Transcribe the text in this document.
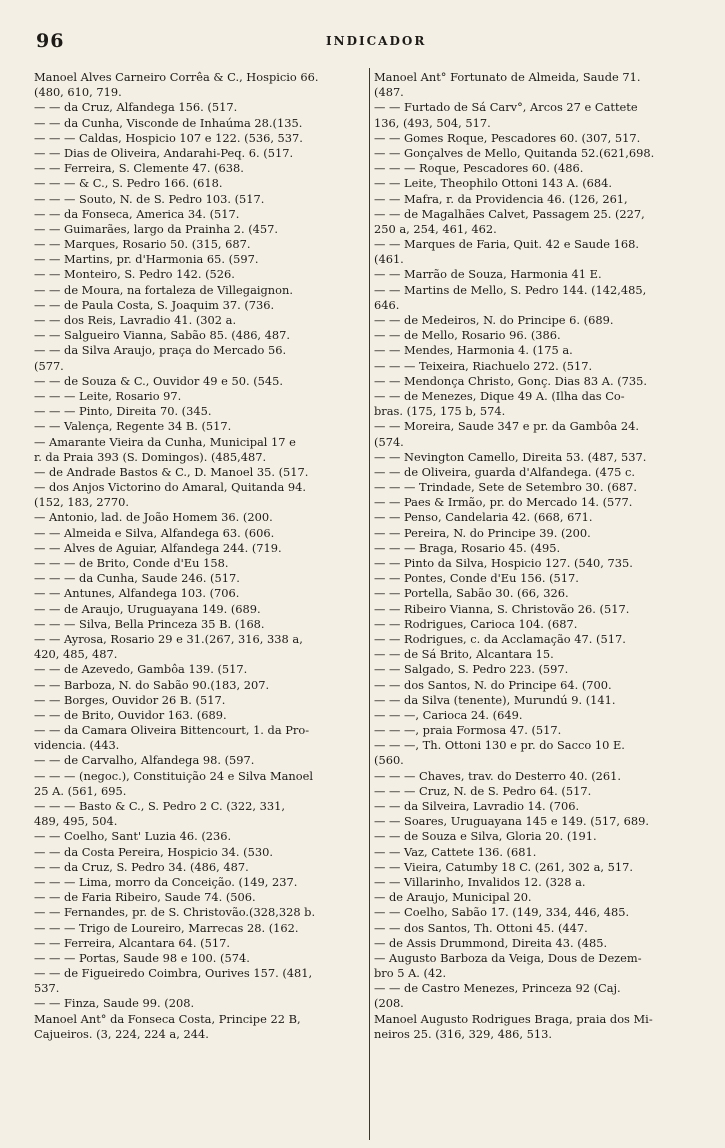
96	INDICADOR
Manoel Alves Carneiro Corrêa & C., Hospicio 66.
(480, 610, 719.
— — da Cruz, Alfandega 156. (517.
— — da Cunha, Visconde de Inhaúma 28.(135.
— — — Caldas, Hospicio 107 e 122. (536, 537.
— — Dias de Oliveira, Andarahi-Peq. 6. (517.
— — Ferreira, S. Clemente 47. (638.
— — — & C., S. Pedro 166. (618.
— — — Souto, N. de S. Pedro 103. (517.
— — da Fonseca, America 34. (517.
— — Guimarães, largo da Prainha 2. (457.
— — Marques, Rosario 50. (315, 687.
— — Martins, pr. d'Harmonia 65. (597.
— — Monteiro, S. Pedro 142. (526.
— — de Moura, na fortaleza de Villegaignon.
— — de Paula Costa, S. Joaquim 37. (736.
— — dos Reis, Lavradio 41. (302 a.
— — Salgueiro Vianna, Sabão 85. (486, 487.
— — da Silva Araujo, praça do Mercado 56.
(577.
— — de Souza & C., Ouvidor 49 e 50. (545.
— — — Leite, Rosario 97.
— — — Pinto, Direita 70. (345.
— — Valença, Regente 34 B. (517.
— Amarante Vieira da Cunha, Municipal 17 e
r. da Praia 393 (S. Domingos). (485,487.
— de Andrade Bastos & C., D. Manoel 35. (517.
— dos Anjos Victorino do Amaral, Quitanda 94.
(152, 183, 2770.
— Antonio, lad. de João Homem 36. (200.
— — Almeida e Silva, Alfandega 63. (606.
— — Alves de Aguiar, Alfandega 244. (719.
— — — de Brito, Conde d'Eu 158.
— — — da Cunha, Saude 246. (517.
— — Antunes, Alfandega 103. (706.
— — de Araujo, Uruguayana 149. (689.
— — — Silva, Bella Princeza 35 B. (168.
— — Ayrosa, Rosario 29 e 31.(267, 316, 338 a,
420, 485, 487.
— — de Azevedo, Gambôa 139. (517.
— — Barboza, N. do Sabão 90.(183, 207.
— — Borges, Ouvidor 26 B. (517.
— — de Brito, Ouvidor 163. (689.
— — da Camara Oliveira Bittencourt, 1. da Pro-
videncia. (443.
— — de Carvalho, Alfandega 98. (597.
— — — (negoc.), Constituição 24 e Silva Manoel
25 A. (561, 695.
— — — Basto & C., S. Pedro 2 C. (322, 331,
489, 495, 504.
— — Coelho, Sant' Luzia 46. (236.
— — da Costa Pereira, Hospicio 34. (530.
— — da Cruz, S. Pedro 34. (486, 487.
— — — Lima, morro da Conceição. (149, 237.
— — de Faria Ribeiro, Saude 74. (506.
— — Fernandes, pr. de S. Christovão.(328,328 b.
— — — Trigo de Loureiro, Marrecas 28. (162.
— — Ferreira, Alcantara 64. (517.
— — — Portas, Saude 98 e 100. (574.
— — de Figueiredo Coimbra, Ourives 157. (481,
537.
— — Finza, Saude 99. (208.
Manoel Ant° da Fonseca Costa, Principe 22 B,
Cajueiros. (3, 224, 224 a, 244.
Manoel Ant° Fortunato de Almeida, Saude 71.
(487.
— — Furtado de Sá Carv°, Arcos 27 e Cattete
136, (493, 504, 517.
— — Gomes Roque, Pescadores 60. (307, 517.
— — Gonçalves de Mello, Quitanda 52.(621,698.
— — — Roque, Pescadores 60. (486.
— — Leite, Theophilo Ottoni 143 A. (684.
— — Mafra, r. da Providencia 46. (126, 261,
— — de Magalhães Calvet, Passagem 25. (227,
250 a, 254, 461, 462.
— — Marques de Faria, Quit. 42 e Saude 168.
(461.
— — Marrão de Souza, Harmonia 41 E.
— — Martins de Mello, S. Pedro 144. (142,485,
646.
— — de Medeiros, N. do Principe 6. (689.
— — de Mello, Rosario 96. (386.
— — Mendes, Harmonia 4. (175 a.
— — — Teixeira, Riachuelo 272. (517.
— — Mendonça Christo, Gonç. Dias 83 A. (735.
— — de Menezes, Dique 49 A. (Ilha das Co-
bras. (175, 175 b, 574.
— — Moreira, Saude 347 e pr. da Gambôa 24.
(574.
— — Nevington Camello, Direita 53. (487, 537.
— — de Oliveira, guarda d'Alfandega. (475 c.
— — — Trindade, Sete de Setembro 30. (687.
— — Paes & Irmão, pr. do Mercado 14. (577.
— — Penso, Candelaria 42. (668, 671.
— — Pereira, N. do Principe 39. (200.
— — — Braga, Rosario 45. (495.
— — Pinto da Silva, Hospicio 127. (540, 735.
— — Pontes, Conde d'Eu 156. (517.
— — Portella, Sabão 30. (66, 326.
— — Ribeiro Vianna, S. Christovão 26. (517.
— — Rodrigues, Carioca 104. (687.
— — Rodrigues, c. da Acclamação 47. (517.
— — de Sá Brito, Alcantara 15.
— — Salgado, S. Pedro 223. (597.
— — dos Santos, N. do Principe 64. (700.
— — da Silva (tenente), Murundú 9. (141.
— — —, Carioca 24. (649.
— — —, praia Formosa 47. (517.
— — —, Th. Ottoni 130 e pr. do Sacco 10 E.
(560.
— — — Chaves, trav. do Desterro 40. (261.
— — — Cruz, N. de S. Pedro 64. (517.
— — da Silveira, Lavradio 14. (706.
— — Soares, Uruguayana 145 e 149. (517, 689.
— — de Souza e Silva, Gloria 20. (191.
— — Vaz, Cattete 136. (681.
— — Vieira, Catumby 18 C. (261, 302 a, 517.
— — Villarinho, Invalidos 12. (328 a.
— de Araujo, Municipal 20.
— — Coelho, Sabão 17. (149, 334, 446, 485.
— — dos Santos, Th. Ottoni 45. (447.
— de Assis Drummond, Direita 43. (485.
— Augusto Barboza da Veiga, Dous de Dezem-
bro 5 A. (42.
— — de Castro Menezes, Princeza 92 (Caj.
(208.
Manoel Augusto Rodrigues Braga, praia dos Mi-
neiros 25. (316, 329, 486, 513.
